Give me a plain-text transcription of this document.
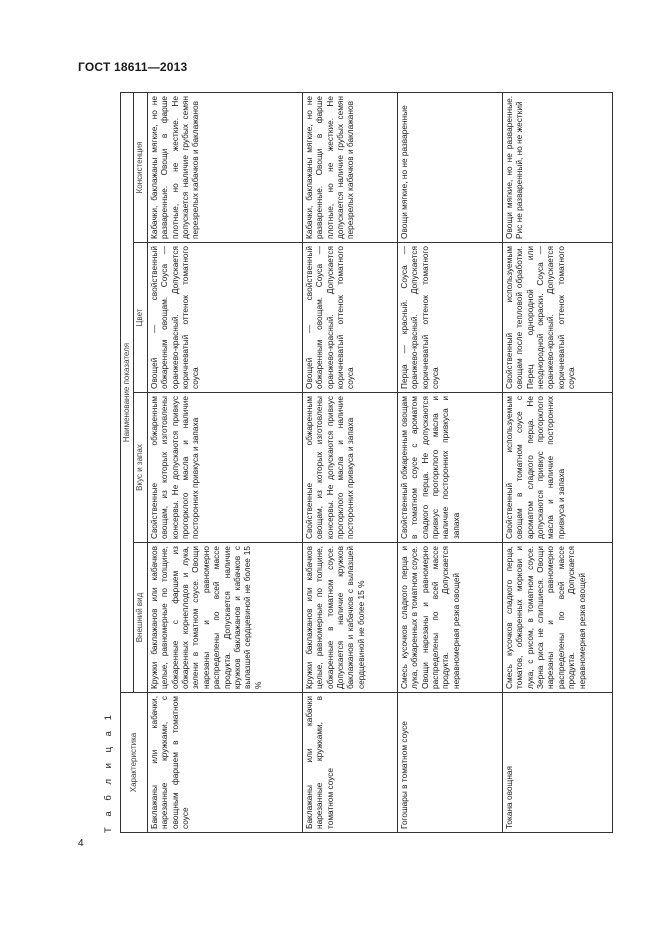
ГОСТ 18611—2013
4
Т а б л и ц а 1 Характеристика	Наименование показателя			
	Внешний вид	Вкус и запах	Цвет	Консистенция
Баклажаны или кабачки, нарезанные кружками, с овощным фаршем в томатном соусе	Кружки баклажанов или кабачков целые, равномерные по толщине, обжаренные с фаршем из обжаренных корнеплодов и лука, зелени в томатном соусе. Овощи нарезаны и равномерно распределены по всей массе продукта. Допускается наличие кружков баклажанов и кабачков с вылазшей сердцевиной не более 15 %	Свойственные обжаренным овощам, из которых изготовлены консервы. Не допускаются привкус прогорклого масла и наличие посторонних привкуса и запаха	Овощей — свойственный обжаренным овощам. Соуса — оранжево-красный. Допускается коричневатый оттенок томатного соуса	Кабачки, баклажаны мягкие, но не разваренные. Овощи в фарше плотные, но не жесткие. Не допускается наличие грубых семян перезрелых кабачков и баклажанов
Баклажаны или кабачки нарезанные кружками, в томатном соусе	Кружки баклажанов или кабачков целые, равномерные по толщине, обжаренные в томатном соусе. Допускается наличие кружков баклажанов и кабачков с вылазшей сердцевиной не более 15 %	Свойственные обжаренным овощам, из которых изготовлены консервы. Не допускаются привкус прогорклого масла и наличие посторонних привкуса и запаха	Овощей — свойственный обжаренным овощам. Соуса — оранжево-красный. Допускается коричневатый оттенок томатного соуса	Кабачки, баклажаны мягкие, но не разваренные. Овощи в фарше плотные, но не жесткие. Не допускается наличие грубых семян перезрелых кабачков и баклажанов
Гогошары в томатном соусе	Смесь кусочков сладкого перца и лука, обжаренных в томатном соусе. Овощи нарезаны и равномерно распределены по всей массе продукта. Допускается неравномерная резка овощей	Свойственный обжаренным овощам в томатном соусе с ароматом сладкого перца. Не допускаются привкус прогорклого масла и наличие посторонних привкуса и запаха	Перца — красный. Соуса — оранжево-красный. Допускается коричневатый оттенок томатного соуса	Овощи мягкие, но не разваренные
Токана овощная	Смесь кусочков сладкого перца, томатов, обжаренных моркови и лука, с рисом, в томатном соусе. Зерна риса не слипшиеся. Овощи нарезаны и равномерно распределены по всей массе продукта. Допускается неравномерная резка овощей	Свойственный используемым овощам в томатном соусе с ароматом сладкого перца. Не допускаются привкус прогорклого масла и наличие посторонних привкуса и запаха	Свойственный используемым овощам после тепловой обработки. Перец однородной или неоднородной окраски. Соуса — оранжево-красный. Допускается коричневатый оттенок томатного соуса	Овощи мягкие, но не разваренные. Рис не разваренный, но не жесткий
